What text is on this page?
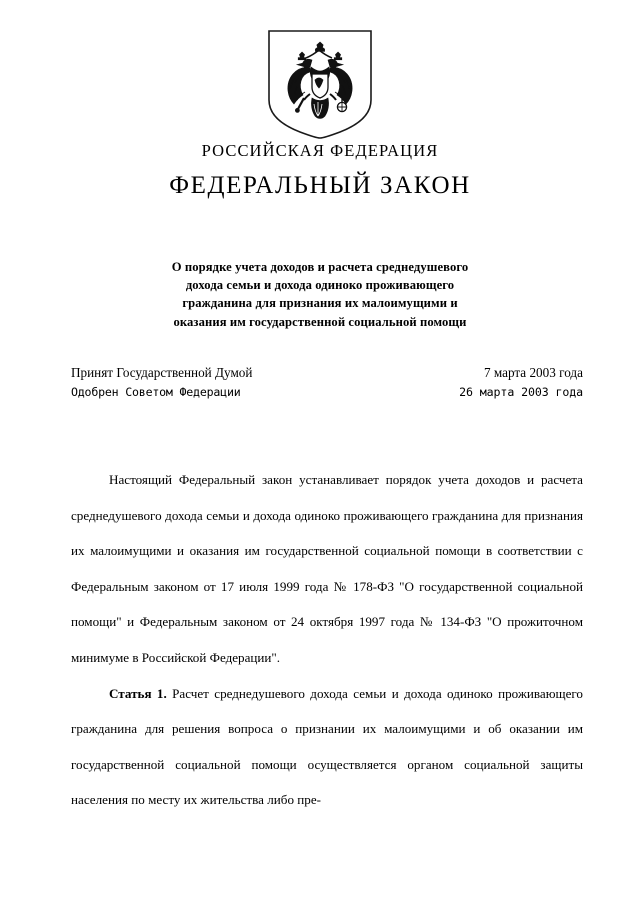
РОССИЙСКАЯ ФЕДЕРАЦИЯ
ФЕДЕРАЛЬНЫЙ ЗАКОН
О порядке учета доходов и расчета среднедушевого
дохода семьи и дохода одиноко проживающего
гражданина для признания их малоимущими и
оказания им государственной социальной помощи
Принят Государственной Думой	7 марта 2003 года
Одобрен Советом Федерации	26 марта 2003 года

Настоящий Федеральный закон устанавливает порядок учета доходов и расчета среднедушевого дохода семьи и дохода одиноко проживающего гражданина для признания их малоимущими и оказания им государственной социальной помощи в соответствии с Федеральным законом от 17 июля 1999 года № 178-ФЗ "О государственной социальной помощи" и Федеральным законом от 24 октября 1997 года № 134-ФЗ "О прожиточном минимуме в Российской Федерации".

Статья 1. Расчет среднедушевого дохода семьи и дохода одиноко проживающего гражданина для решения вопроса о признании их малоимущими и об оказании им государственной социальной помощи осуществляется органом социальной защиты населения по месту их жительства либо пре-
